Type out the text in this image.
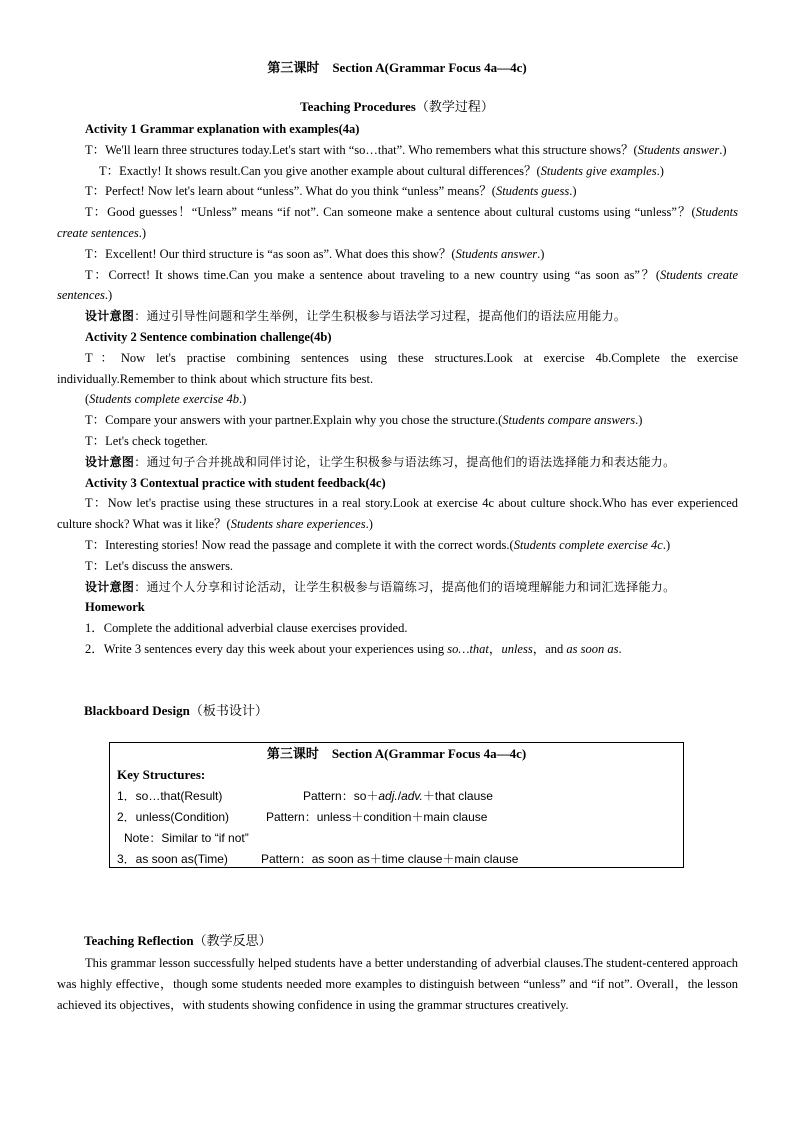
第三课时　Section A(Grammar Focus 4a—4c)
Teaching Procedures（教学过程）

Activity 1 Grammar explanation with examples(4a)

T：We'll learn three structures today.Let's start with “so…that”. Who remembers what this structure shows？(Students answer.)

T：Exactly! It shows result.Can you give another example about cultural differences？(Students give examples.)

T：Perfect! Now let's learn about “unless”. What do you think “unless” means？(Students guess.)

T：Good guesses！“Unless” means “if not”. Can someone make a sentence about cultural customs using “unless”？(Students create sentences.)

T：Excellent! Our third structure is “as soon as”. What does this show？(Students answer.)

T：Correct! It shows time.Can you make a sentence about traveling to a new country using “as soon as”？(Students create sentences.)

设计意图：通过引导性问题和学生举例，让学生积极参与语法学习过程，提高他们的语法应用能力。

Activity 2 Sentence combination challenge(4b)

T：Now let's practise combining sentences using these structures.Look at exercise 4b.Complete the exercise individually.Remember to think about which structure fits best.

(Students complete exercise 4b.)

T：Compare your answers with your partner.Explain why you chose the structure.(Students compare answers.)

T：Let's check together.

设计意图：通过句子合并挑战和同伴讨论，让学生积极参与语法练习，提高他们的语法选择能力和表达能力。

Activity 3 Contextual practice with student feedback(4c)

T：Now let's practise using these structures in a real story.Look at exercise 4c about culture shock.Who has ever experienced culture shock? What was it like？(Students share experiences.)

T：Interesting stories! Now read the passage and complete it with the correct words.(Students complete exercise 4c.)

T：Let's discuss the answers.

设计意图：通过个人分享和讨论活动，让学生积极参与语篇练习，提高他们的语境理解能力和词汇选择能力。

Homework

1．Complete the additional adverbial clause exercises provided.

2．Write 3 sentences every day this week about your experiences using so…that，unless，and as soon as.

Blackboard Design（板书设计）
第三课时　Section A(Grammar Focus 4a—4c)
Key Structures:
1．so…that(Result)	Pattern：so＋adj./adv.＋that clause
2．unless(Condition)	Pattern：unless＋condition＋main clause
Note：Similar to “if not”
3．as soon as(Time)	Pattern：as soon as＋time clause＋main clause
Teaching Reflection（教学反思）

This grammar lesson successfully helped students have a better understanding of adverbial clauses.The student-centered approach was highly effective，though some students needed more examples to distinguish between “unless” and “if not”. Overall，the lesson achieved its objectives，with students showing confidence in using the grammar structures creatively.
